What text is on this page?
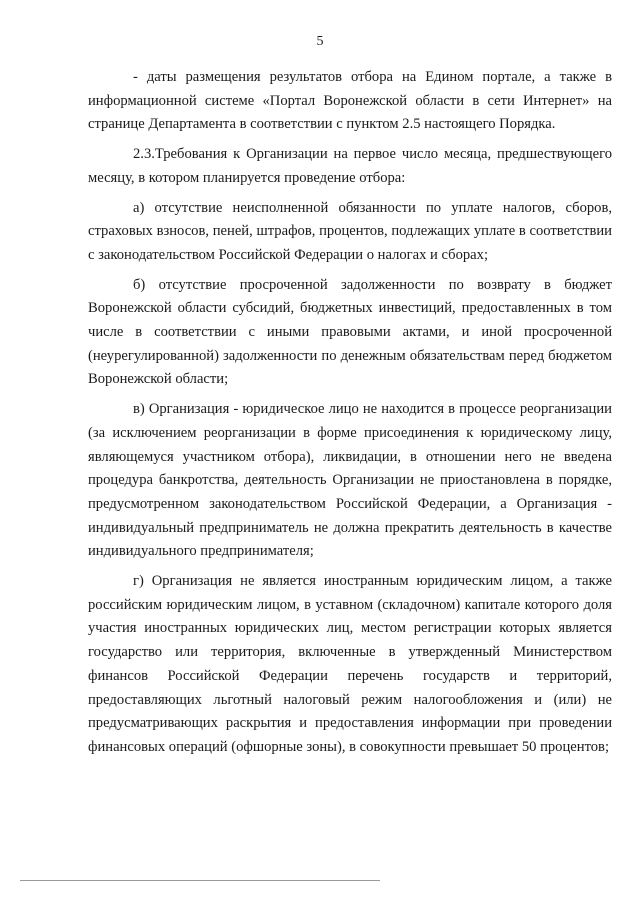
5

- даты размещения результатов отбора на Едином портале, а также в информационной системе «Портал Воронежской области в сети Интернет» на странице Департамента в соответствии с пунктом 2.5 настоящего Порядка.

2.3.Требования к Организации на первое число месяца, предшествующего месяцу, в котором планируется проведение отбора:

а) отсутствие неисполненной обязанности по уплате налогов, сборов, страховых взносов, пеней, штрафов, процентов, подлежащих уплате в соответствии с законодательством Российской Федерации о налогах и сборах;

б) отсутствие просроченной задолженности по возврату в бюджет Воронежской области субсидий, бюджетных инвестиций, предоставленных в том числе в соответствии с иными правовыми актами, и иной просроченной (неурегулированной) задолженности по денежным обязательствам перед бюджетом Воронежской области;

в) Организация - юридическое лицо не находится в процессе реорганизации (за исключением реорганизации в форме присоединения к юридическому лицу, являющемуся участником отбора), ликвидации, в отношении него не введена процедура банкротства, деятельность Организации не приостановлена в порядке, предусмотренном законодательством Российской Федерации, а Организация - индивидуальный предприниматель не должна прекратить деятельность в качестве индивидуального предпринимателя;

г) Организация не является иностранным юридическим лицом, а также российским юридическим лицом, в уставном (складочном) капитале которого доля участия иностранных юридических лиц, местом регистрации которых является государство или территория, включенные в утвержденный Министерством финансов Российской Федерации перечень государств и территорий, предоставляющих льготный налоговый режим налогообложения и (или) не предусматривающих раскрытия и предоставления информации при проведении финансовых операций (офшорные зоны), в совокупности превышает 50 процентов;
